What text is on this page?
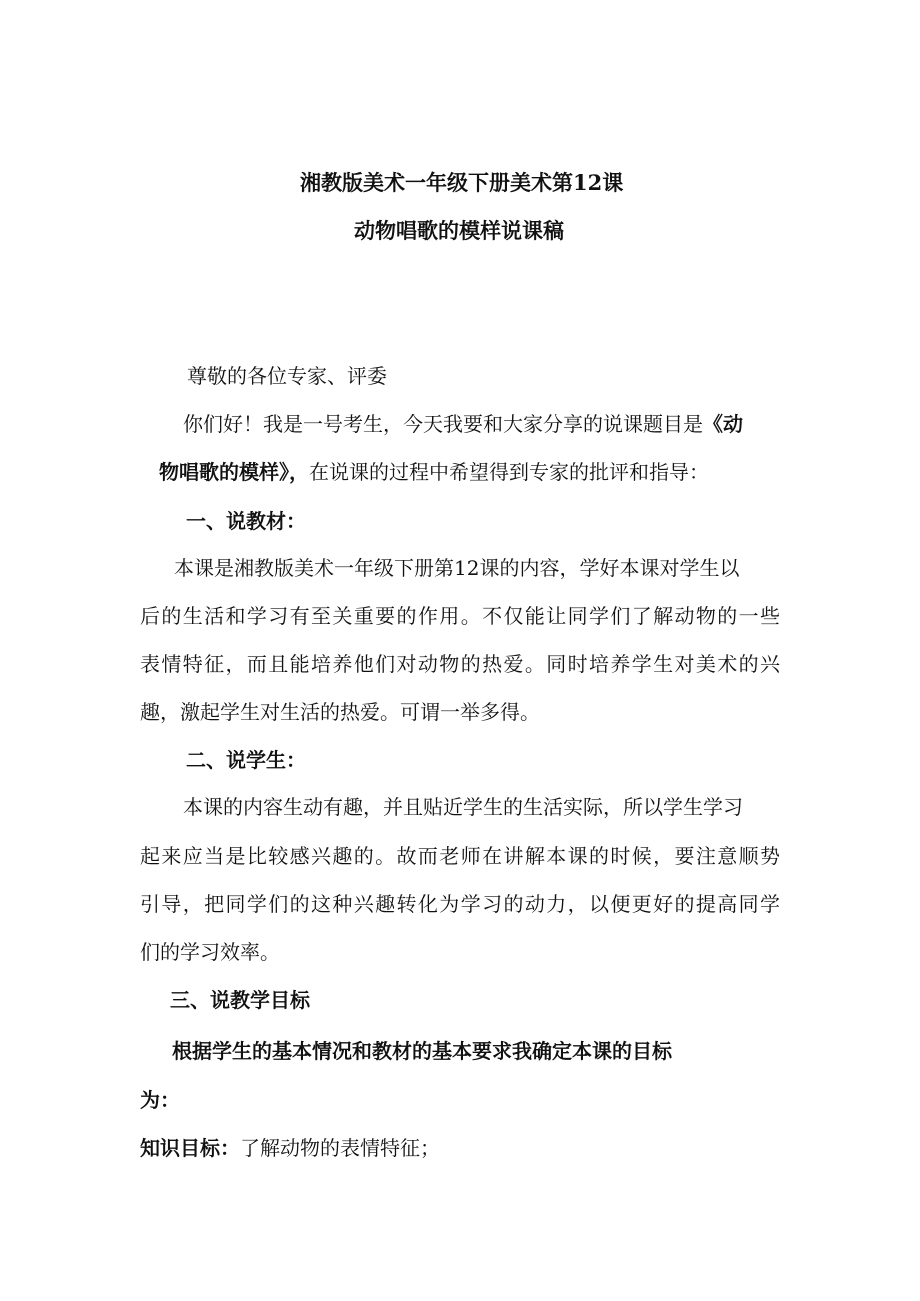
湘教版美术一年级下册美术第12课
动物唱歌的模样说课稿
尊敬的各位专家、评委
你们好！我是一号考生，今天我要和大家分享的说课题目是《动
物唱歌的模样》，在说课的过程中希望得到专家的批评和指导：
一、说教材：
本课是湘教版美术一年级下册第12课的内容，学好本课对学生以
后的生活和学习有至关重要的作用。不仅能让同学们了解动物的一些
表情特征，而且能培养他们对动物的热爱。同时培养学生对美术的兴
趣，激起学生对生活的热爱。可谓一举多得。
二、说学生：
本课的内容生动有趣，并且贴近学生的生活实际，所以学生学习
起来应当是比较感兴趣的。故而老师在讲解本课的时候，要注意顺势
引导，把同学们的这种兴趣转化为学习的动力，以便更好的提高同学
们的学习效率。
三、说教学目标
根据学生的基本情况和教材的基本要求我确定本课的目标
为：
知识目标：了解动物的表情特征；
